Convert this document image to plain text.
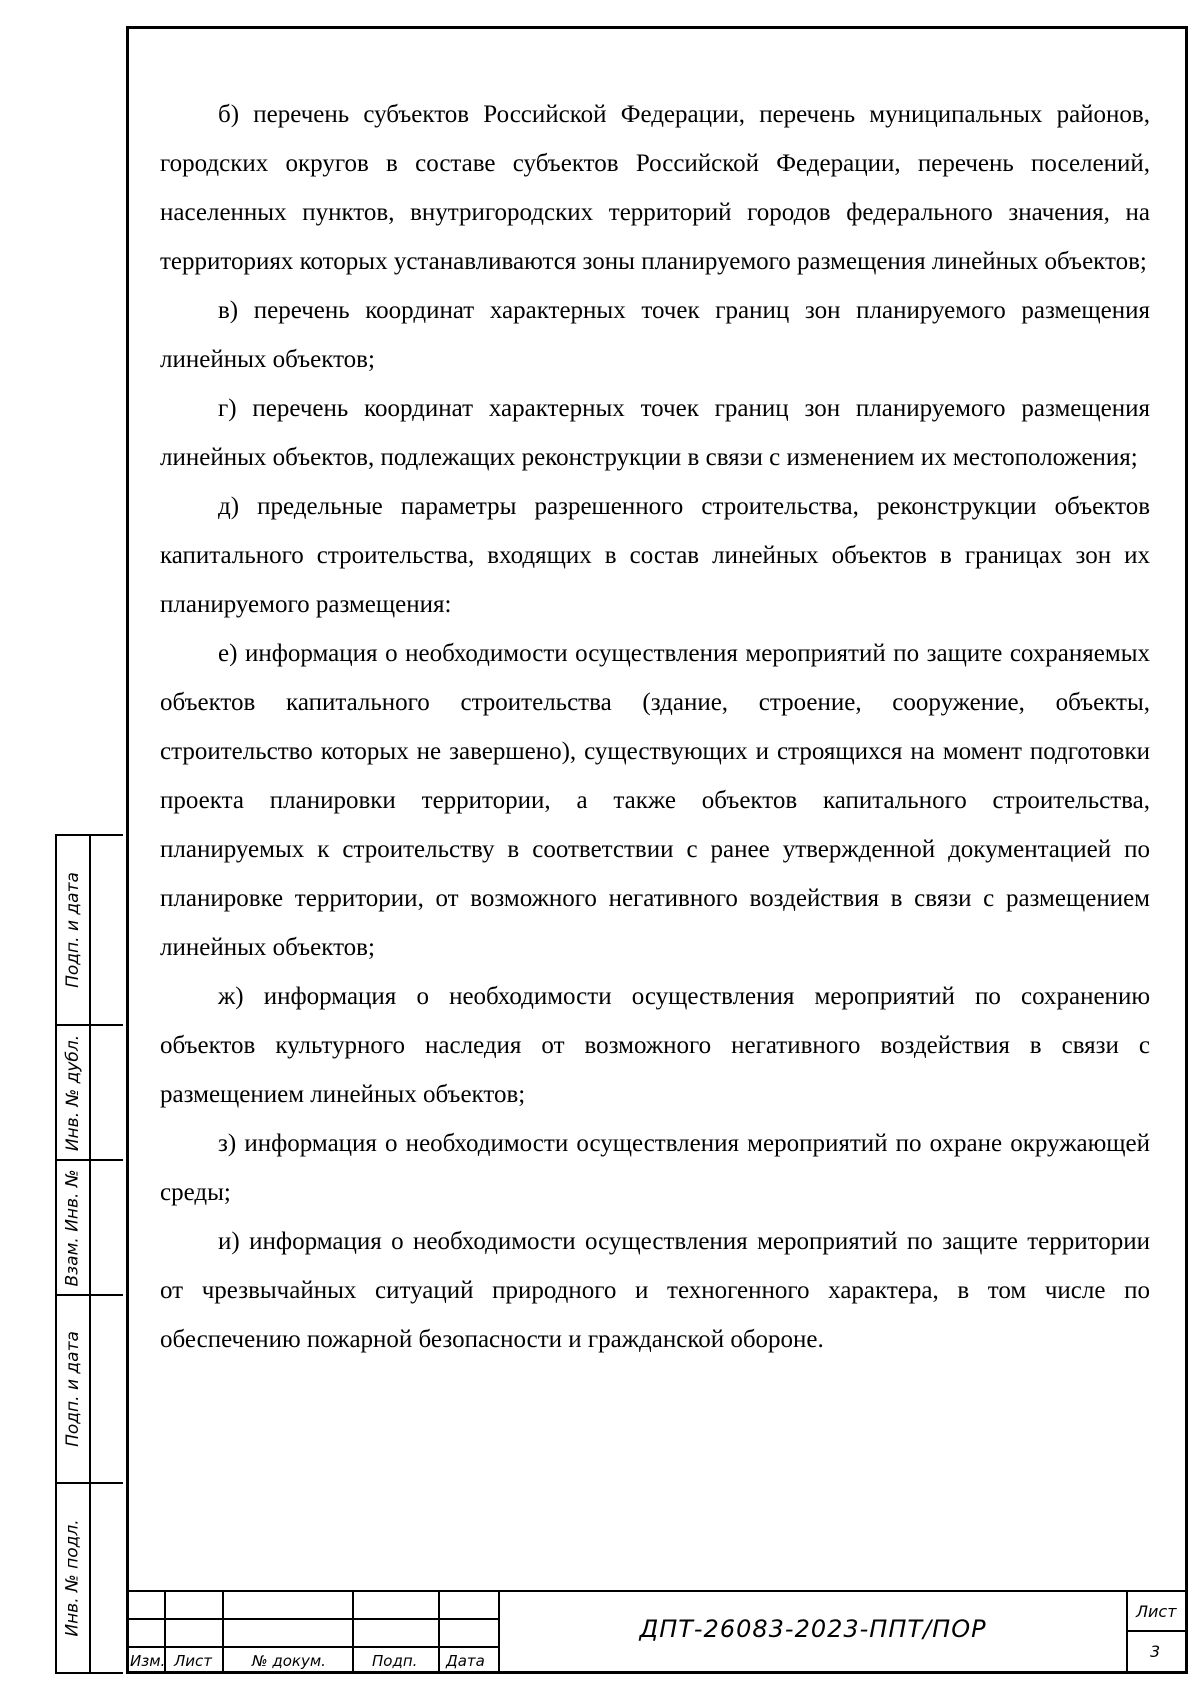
б) перечень субъектов Российской Федерации, перечень муниципальных районов, городских округов в составе субъектов Российской Федерации, перечень поселений, населенных пунктов, внутригородских территорий городов федерального значения, на территориях которых устанавливаются зоны планируемого размещения линейных объектов;

в) перечень координат характерных точек границ зон планируемого размещения линейных объектов;

г) перечень координат характерных точек границ зон планируемого размещения линейных объектов, подлежащих реконструкции в связи с изменением их местоположения;

д) предельные параметры разрешенного строительства, реконструкции объектов капитального строительства, входящих в состав линейных объектов в границах зон их планируемого размещения:

е) информация о необходимости осуществления мероприятий по защите сохраняемых объектов капитального строительства (здание, строение, сооружение, объекты, строительство которых не завершено), существующих и строящихся на момент подготовки проекта планировки территории, а также объектов капитального строительства, планируемых к строительству в соответствии с ранее утвержденной документацией по планировке территории, от возможного негативного воздействия в связи с размещением линейных объектов;

ж) информация о необходимости осуществления мероприятий по сохранению объектов культурного наследия от возможного негативного воздействия в связи с размещением линейных объектов;

з) информация о необходимости осуществления мероприятий по охране окружающей среды;

и) информация о необходимости осуществления мероприятий по защите территории от чрезвычайных ситуаций природного и техногенного характера, в том числе по обеспечению пожарной безопасности и гражданской обороне.

Подп. и дата
Инв. № дубл.
Взам. Инв. №
Подп. и дата
Инв. № подл.
Изм. Лист	№ докум.	Подп. Дата
ДПТ-26083-2023-ППТ/ПОР
Лист
3
